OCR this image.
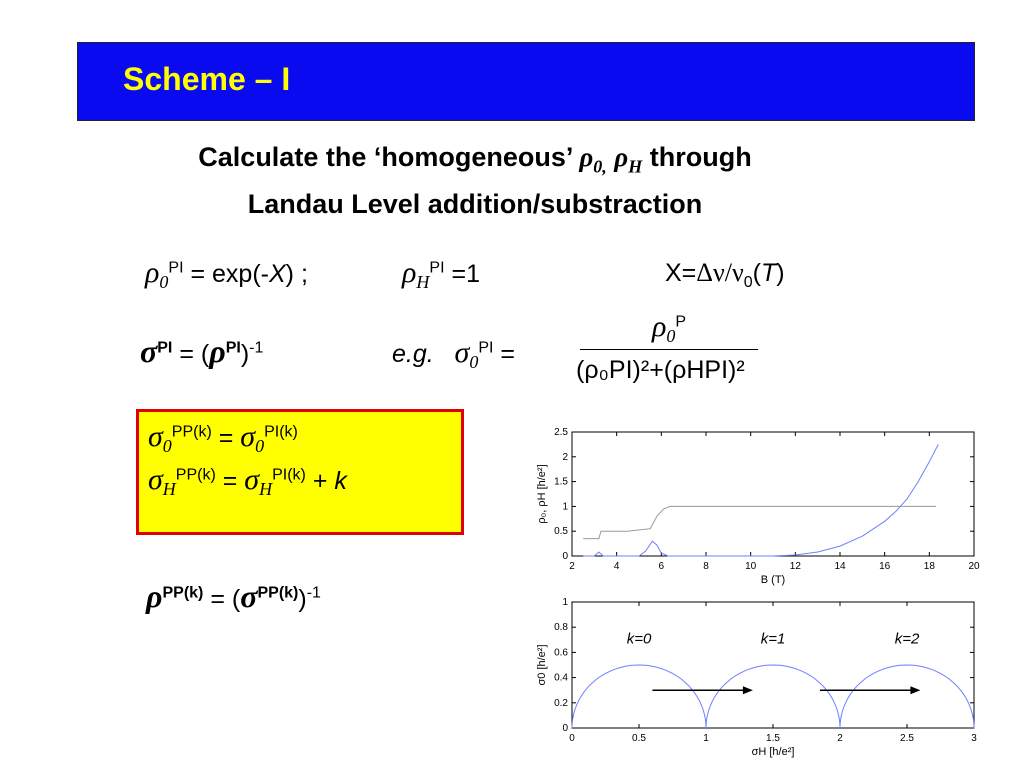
Scheme – I
Calculate the ‘homogeneous’ $\rho_{0,}$ $\rho_H$ through
Landau Level addition/substraction
$\rho_0^{PI} = \exp(-X)$ ;	$\rho_H^{PI} =1$	$X=\Delta\nu/\nu_0(T)$
$\sigma^{PI} = (\rho^{PI})^{-1}$	e.g. $\sigma_0^{PI}$ =
$\rho_0^P$
(ρ₀PI)²+(ρHPI)²
$\sigma_0^{PP(k)} = \sigma_0^{PI(k)}$
$\sigma_H^{PP(k)} = \sigma_H^{PI(k)} + k$
$\rho^{PP(k)} = (\sigma^{PP(k)})^{-1}$
2	4	6	8	10	12	14	16	18	20
0
0.5
1
1.5
2
2.5
B (T)
ρ₀, ρH [h/e²]
0	0.5	1	1.5	2	2.5	3
0
0.2
0.4
0.6
0.8
1
σH [h/e²]
σ0 [h/e²]
k=0	k=1	k=2
